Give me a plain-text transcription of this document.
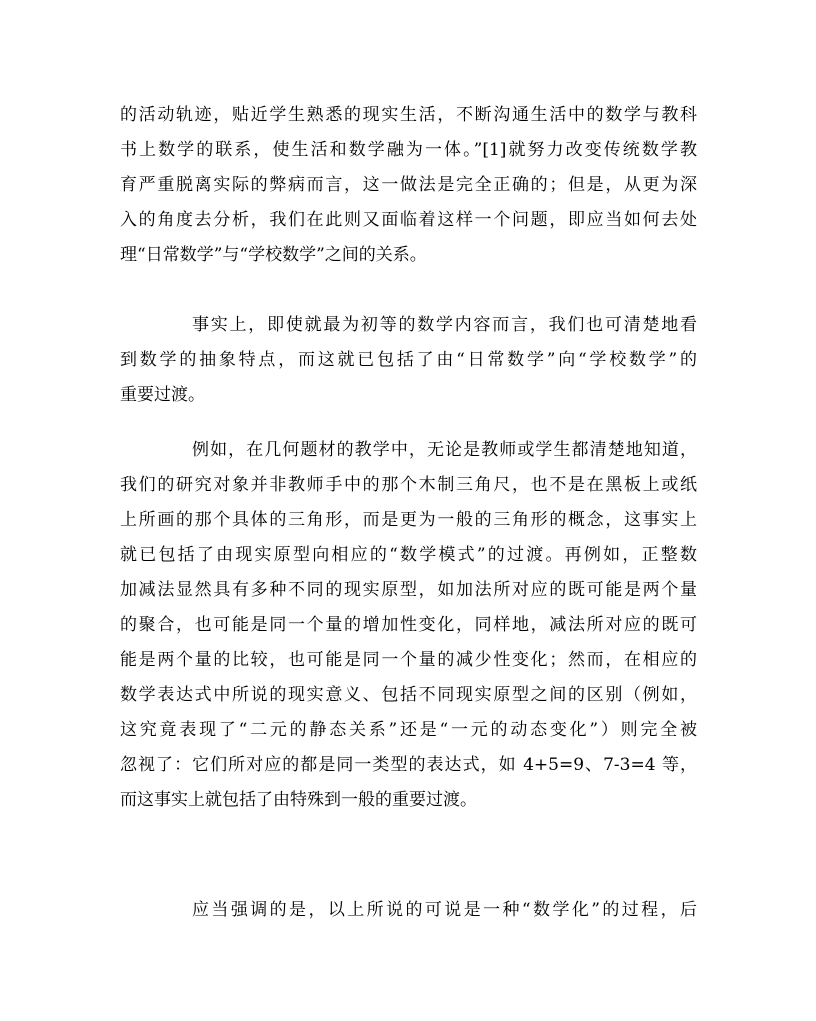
的活动轨迹，贴近学生熟悉的现实生活，不断沟通生活中的数学与教科
书上数学的联系，使生活和数学融为一体。”[1]就努力改变传统数学教
育严重脱离实际的弊病而言，这一做法是完全正确的；但是，从更为深
入的角度去分析，我们在此则又面临着这样一个问题，即应当如何去处
理“日常数学”与“学校数学”之间的关系。
事实上，即使就最为初等的数学内容而言，我们也可清楚地看
到数学的抽象特点，而这就已包括了由“日常数学”向“学校数学”的
重要过渡。
例如，在几何题材的教学中，无论是教师或学生都清楚地知道，
我们的研究对象并非教师手中的那个木制三角尺，也不是在黑板上或纸
上所画的那个具体的三角形，而是更为一般的三角形的概念，这事实上
就已包括了由现实原型向相应的“数学模式”的过渡。再例如，正整数
加减法显然具有多种不同的现实原型，如加法所对应的既可能是两个量
的聚合，也可能是同一个量的增加性变化，同样地，减法所对应的既可
能是两个量的比较，也可能是同一个量的减少性变化；然而，在相应的
数学表达式中所说的现实意义、包括不同现实原型之间的区别（例如，
这究竟表现了“二元的静态关系”还是“一元的动态变化”）则完全被
忽视了：它们所对应的都是同一类型的表达式，如 4+5=9、7-3=4 等，
而这事实上就包括了由特殊到一般的重要过渡。
应当强调的是，以上所说的可说是一种“数学化”的过程，后
